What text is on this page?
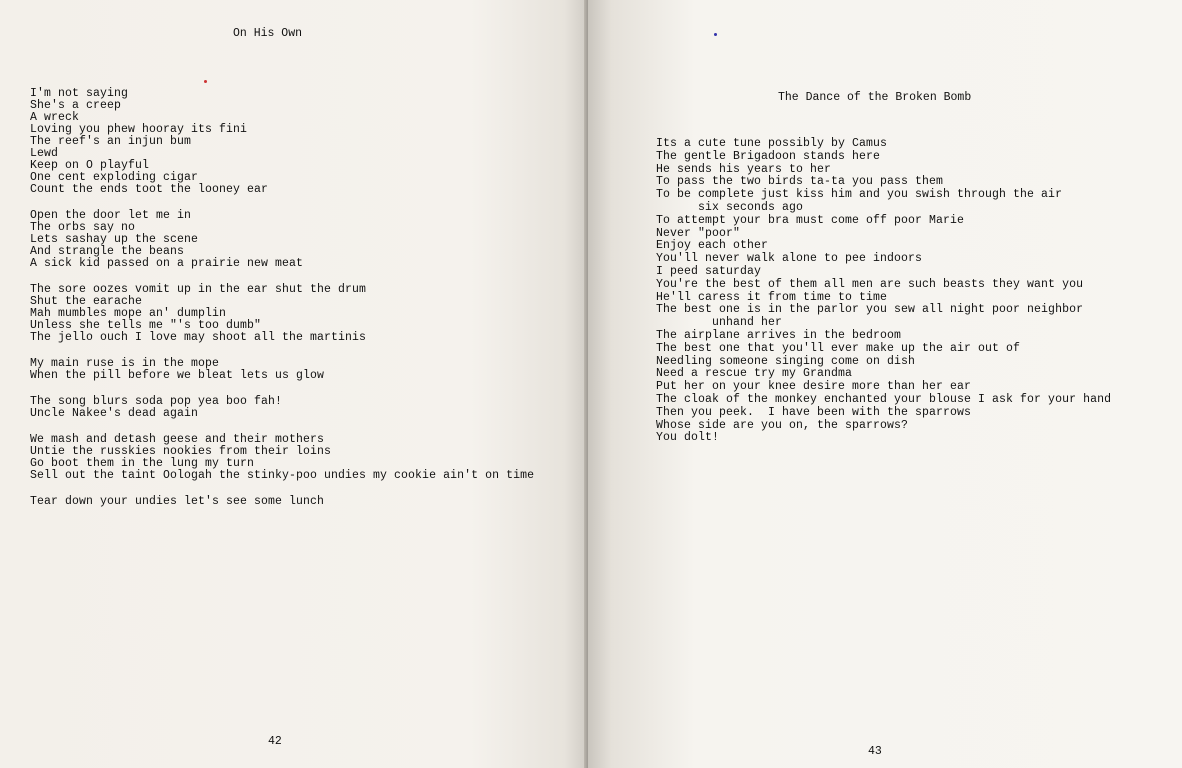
On His Own
I'm not saying
She's a creep
A wreck
Loving you phew hooray its fini
The reef's an injun bum
Lewd
Keep on O playful
One cent exploding cigar
Count the ends toot the looney ear
Open the door let me in
The orbs say no
Lets sashay up the scene
And strangle the beans
A sick kid passed on a prairie new meat
The sore oozes vomit up in the ear shut the drum
Shut the earache
Mah mumbles mope an' dumplin
Unless she tells me "'s too dumb"
The jello ouch I love may shoot all the martinis
My main ruse is in the mope
When the pill before we bleat lets us glow
The song blurs soda pop yea boo fah!
Uncle Nakee's dead again
We mash and detash geese and their mothers
Untie the russkies nookies from their loins
Go boot them in the lung my turn
Sell out the taint Oologah the stinky-poo undies my cookie ain't on time
Tear down your undies let's see some lunch
42
The Dance of the Broken Bomb
Its a cute tune possibly by Camus
The gentle Brigadoon stands here
He sends his years to her
To pass the two birds ta-ta you pass them
To be complete just kiss him and you swish through the air
six seconds ago
To attempt your bra must come off poor Marie
Never "poor"
Enjoy each other
You'll never walk alone to pee indoors
I peed saturday
You're the best of them all men are such beasts they want you
He'll caress it from time to time
The best one is in the parlor you sew all night poor neighbor
unhand her
The airplane arrives in the bedroom
The best one that you'll ever make up the air out of
Needling someone singing come on dish
Need a rescue try my Grandma
Put her on your knee desire more than her ear
The cloak of the monkey enchanted your blouse I ask for your hand
Then you peek.  I have been with the sparrows
Whose side are you on, the sparrows?
You dolt!
43
